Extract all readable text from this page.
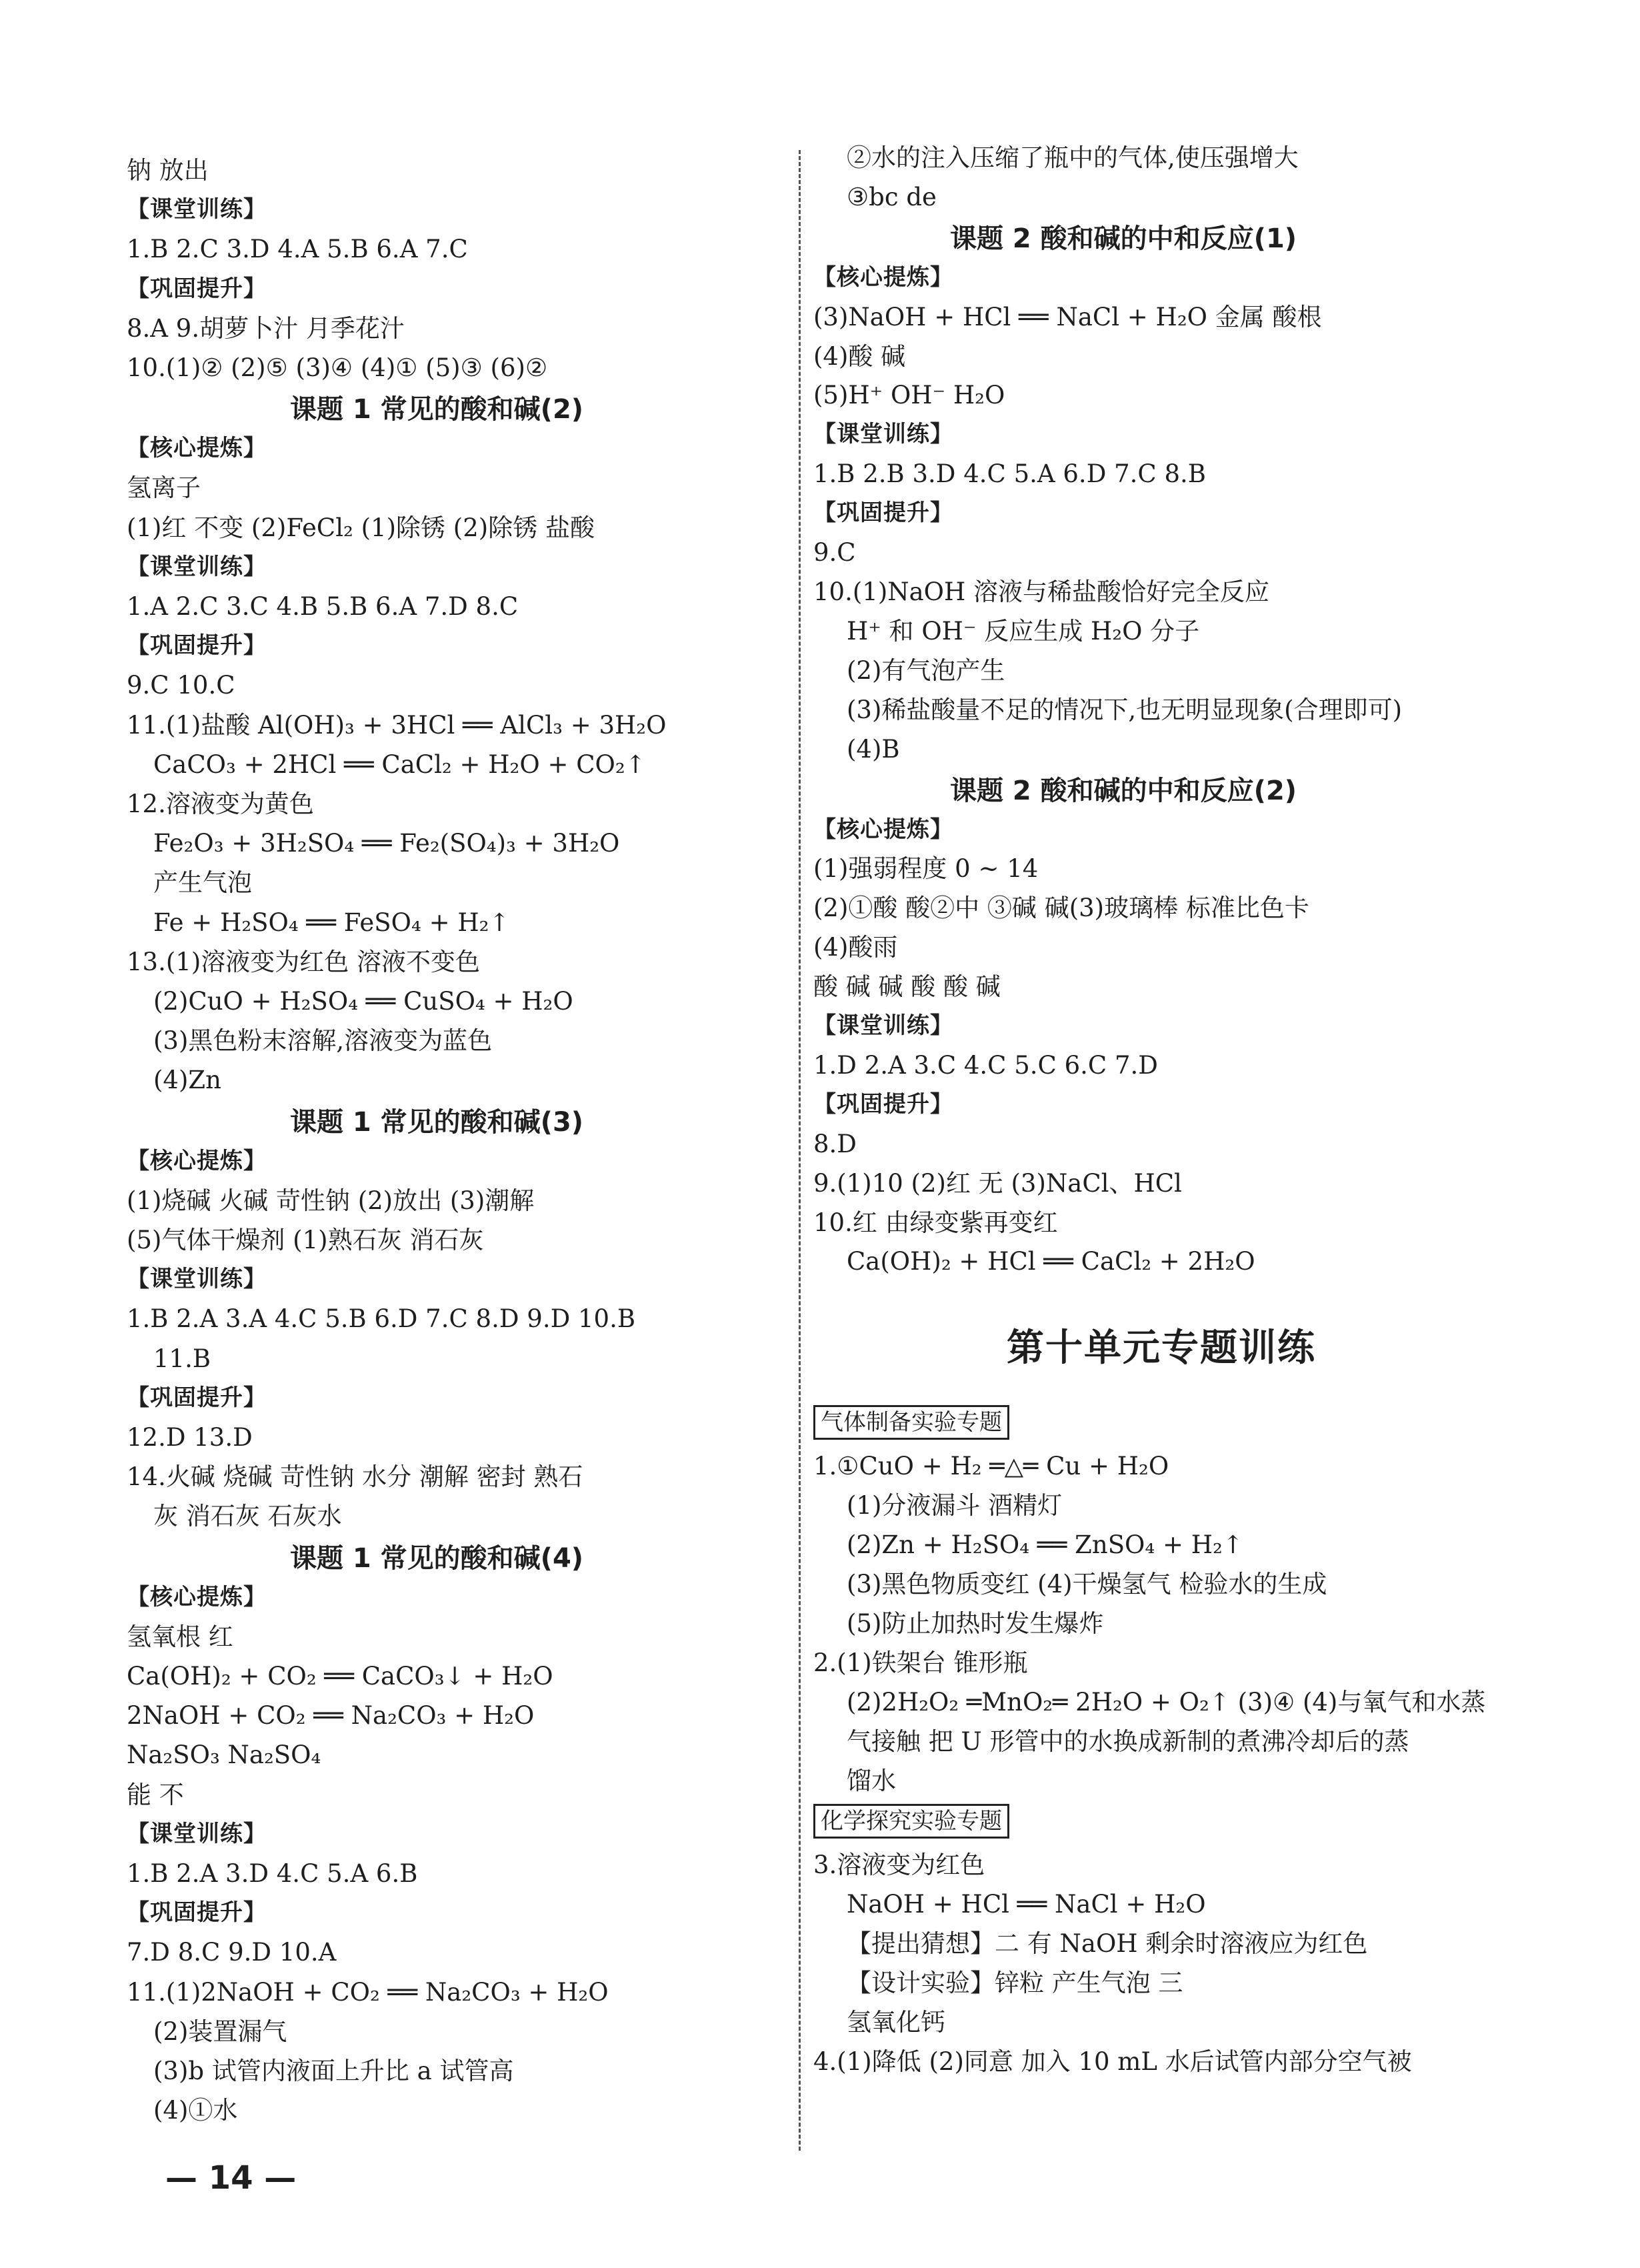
钠 放出
【课堂训练】
1.B 2.C 3.D 4.A 5.B 6.A 7.C
【巩固提升】
8.A 9.胡萝卜汁 月季花汁
10.(1)② (2)⑤ (3)④ (4)① (5)③ (6)②
课题 1 常见的酸和碱(2)
【核心提炼】
氢离子
(1)红 不变 (2)FeCl₂ (1)除锈 (2)除锈 盐酸
【课堂训练】
1.A 2.C 3.C 4.B 5.B 6.A 7.D 8.C
【巩固提升】
9.C 10.C
11.(1)盐酸 Al(OH)₃ + 3HCl ══ AlCl₃ + 3H₂O
CaCO₃ + 2HCl ══ CaCl₂ + H₂O + CO₂↑
12.溶液变为黄色
Fe₂O₃ + 3H₂SO₄ ══ Fe₂(SO₄)₃ + 3H₂O
产生气泡
Fe + H₂SO₄ ══ FeSO₄ + H₂↑
13.(1)溶液变为红色 溶液不变色
(2)CuO + H₂SO₄ ══ CuSO₄ + H₂O
(3)黑色粉末溶解,溶液变为蓝色
(4)Zn
课题 1 常见的酸和碱(3)
【核心提炼】
(1)烧碱 火碱 苛性钠 (2)放出 (3)潮解
(5)气体干燥剂 (1)熟石灰 消石灰
【课堂训练】
1.B 2.A 3.A 4.C 5.B 6.D 7.C 8.D 9.D 10.B
11.B
【巩固提升】
12.D 13.D
14.火碱 烧碱 苛性钠 水分 潮解 密封 熟石
灰 消石灰 石灰水
课题 1 常见的酸和碱(4)
【核心提炼】
氢氧根 红
Ca(OH)₂ + CO₂ ══ CaCO₃↓ + H₂O
2NaOH + CO₂ ══ Na₂CO₃ + H₂O
Na₂SO₃ Na₂SO₄
能 不
【课堂训练】
1.B 2.A 3.D 4.C 5.A 6.B
【巩固提升】
7.D 8.C 9.D 10.A
11.(1)2NaOH + CO₂ ══ Na₂CO₃ + H₂O
(2)装置漏气
(3)b 试管内液面上升比 a 试管高
(4)①水
②水的注入压缩了瓶中的气体,使压强增大
③bc de
课题 2 酸和碱的中和反应(1)
【核心提炼】
(3)NaOH + HCl ══ NaCl + H₂O 金属 酸根
(4)酸 碱
(5)H⁺ OH⁻ H₂O
【课堂训练】
1.B 2.B 3.D 4.C 5.A 6.D 7.C 8.B
【巩固提升】
9.C
10.(1)NaOH 溶液与稀盐酸恰好完全反应
H⁺ 和 OH⁻ 反应生成 H₂O 分子
(2)有气泡产生
(3)稀盐酸量不足的情况下,也无明显现象(合理即可)
(4)B
课题 2 酸和碱的中和反应(2)
【核心提炼】
(1)强弱程度 0 ~ 14
(2)①酸 酸②中 ③碱 碱(3)玻璃棒 标准比色卡
(4)酸雨
酸 碱 碱 酸 酸 碱
【课堂训练】
1.D 2.A 3.C 4.C 5.C 6.C 7.D
【巩固提升】
8.D
9.(1)10 (2)红 无 (3)NaCl、HCl
10.红 由绿变紫再变红
Ca(OH)₂ + HCl ══ CaCl₂ + 2H₂O
第十单元专题训练
气体制备实验专题
1.①CuO + H₂ ═△═ Cu + H₂O
(1)分液漏斗 酒精灯
(2)Zn + H₂SO₄ ══ ZnSO₄ + H₂↑
(3)黑色物质变红 (4)干燥氢气 检验水的生成
(5)防止加热时发生爆炸
2.(1)铁架台 锥形瓶
(2)2H₂O₂ ═MnO₂═ 2H₂O + O₂↑ (3)④ (4)与氧气和水蒸
气接触 把 U 形管中的水换成新制的煮沸冷却后的蒸
馏水
化学探究实验专题
3.溶液变为红色
NaOH + HCl ══ NaCl + H₂O
【提出猜想】二 有 NaOH 剩余时溶液应为红色
【设计实验】锌粒 产生气泡 三
氢氧化钙
4.(1)降低 (2)同意 加入 10 mL 水后试管内部分空气被
— 14 —
